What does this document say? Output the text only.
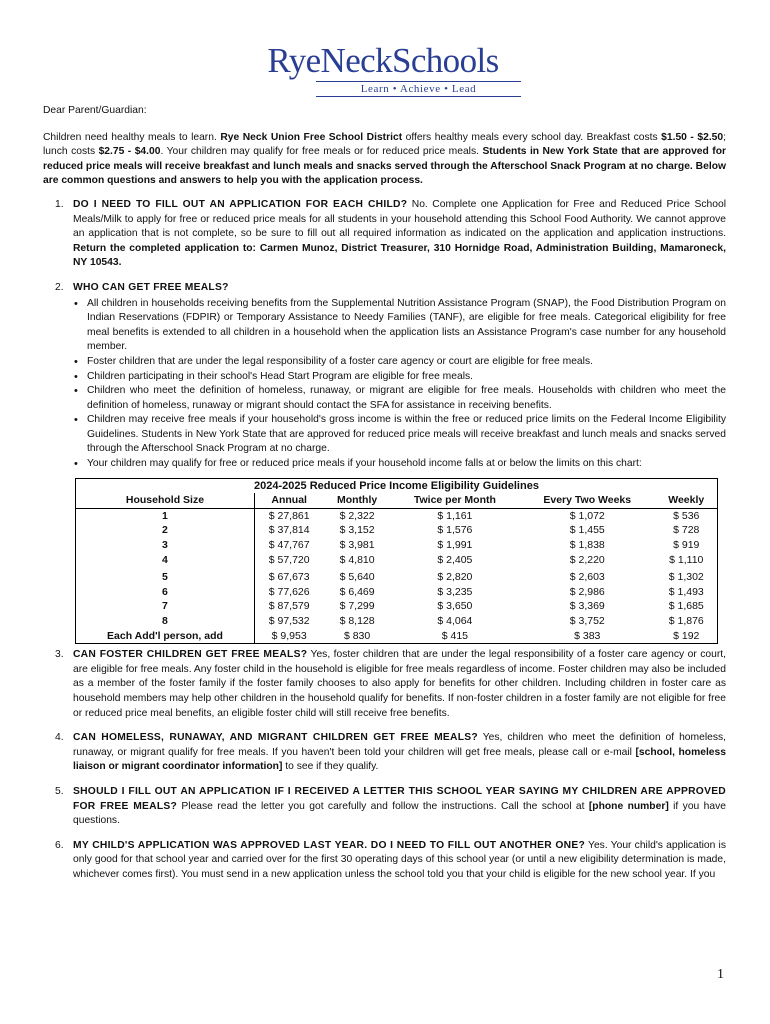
RyeNeckSchools
Learn • Achieve • Lead

Dear Parent/Guardian:

Children need healthy meals to learn. Rye Neck Union Free School District offers healthy meals every school day. Breakfast costs $1.50 - $2.50; lunch costs $2.75 - $4.00. Your children may qualify for free meals or for reduced price meals. Students in New York State that are approved for reduced price meals will receive breakfast and lunch meals and snacks served through the Afterschool Snack Program at no charge. Below are common questions and answers to help you with the application process.

1. DO I NEED TO FILL OUT AN APPLICATION FOR EACH CHILD? No. Complete one Application for Free and Reduced Price School Meals/Milk to apply for free or reduced price meals for all students in your household attending this School Food Authority. We cannot approve an application that is not complete, so be sure to fill out all required information as indicated on the application and application instructions. Return the completed application to: Carmen Munoz, District Treasurer, 310 Hornidge Road, Administration Building, Mamaroneck, NY 10543.

2. WHO CAN GET FREE MEALS?

• All children in households receiving benefits from the Supplemental Nutrition Assistance Program (SNAP), the Food Distribution Program on Indian Reservations (FDPIR) or Temporary Assistance to Needy Families (TANF), are eligible for free meals. Categorical eligibility for free meal benefits is extended to all children in a household when the application lists an Assistance Program's case number for any household member.
• Foster children that are under the legal responsibility of a foster care agency or court are eligible for free meals.
• Children participating in their school's Head Start Program are eligible for free meals.
• Children who meet the definition of homeless, runaway, or migrant are eligible for free meals. Households with children who meet the definition of homeless, runaway or migrant should contact the SFA for assistance in receiving benefits.
• Children may receive free meals if your household's gross income is within the free or reduced price limits on the Federal Income Eligibility Guidelines. Students in New York State that are approved for reduced price meals will receive breakfast and lunch meals and snacks served through the Afterschool Snack Program at no charge.
• Your children may qualify for free or reduced price meals if your household income falls at or below the limits on this chart:
2024-2025 Reduced Price Income Eligibility Guidelines					
Household Size	Annual	Monthly	Twice per Month	Every Two Weeks	Weekly
1	$ 27,861	$ 2,322	$ 1,161	$ 1,072	$ 536
2	$ 37,814	$ 3,152	$ 1,576	$ 1,455	$ 728
3	$ 47,767	$ 3,981	$ 1,991	$ 1,838	$ 919
4	$ 57,720	$ 4,810	$ 2,405	$ 2,220	$ 1,110
5	$ 67,673	$ 5,640	$ 2,820	$ 2,603	$ 1,302
6	$ 77,626	$ 6,469	$ 3,235	$ 2,986	$ 1,493
7	$ 87,579	$ 7,299	$ 3,650	$ 3,369	$ 1,685
8	$ 97,532	$ 8,128	$ 4,064	$ 3,752	$ 1,876
Each Add'l person, add	$ 9,953	$ 830	$ 415	$ 383	$ 192
3. CAN FOSTER CHILDREN GET FREE MEALS? Yes, foster children that are under the legal responsibility of a foster care agency or court, are eligible for free meals. Any foster child in the household is eligible for free meals regardless of income. Foster children may also be included as a member of the foster family if the foster family chooses to also apply for benefits for other children. Including children in foster care as household members may help other children in the household qualify for benefits. If non-foster children in a foster family are not eligible for free or reduced price meal benefits, an eligible foster child will still receive free benefits.

4. CAN HOMELESS, RUNAWAY, AND MIGRANT CHILDREN GET FREE MEALS? Yes, children who meet the definition of homeless, runaway, or migrant qualify for free meals. If you haven't been told your children will get free meals, please call or e-mail [school, homeless liaison or migrant coordinator information] to see if they qualify.

5. SHOULD I FILL OUT AN APPLICATION IF I RECEIVED A LETTER THIS SCHOOL YEAR SAYING MY CHILDREN ARE APPROVED FOR FREE MEALS? Please read the letter you got carefully and follow the instructions. Call the school at [phone number] if you have questions.

6. MY CHILD'S APPLICATION WAS APPROVED LAST YEAR. DO I NEED TO FILL OUT ANOTHER ONE? Yes. Your child's application is only good for that school year and carried over for the first 30 operating days of this school year (or until a new eligibility determination is made, whichever comes first). You must send in a new application unless the school told you that your child is eligible for the new school year. If you

1
